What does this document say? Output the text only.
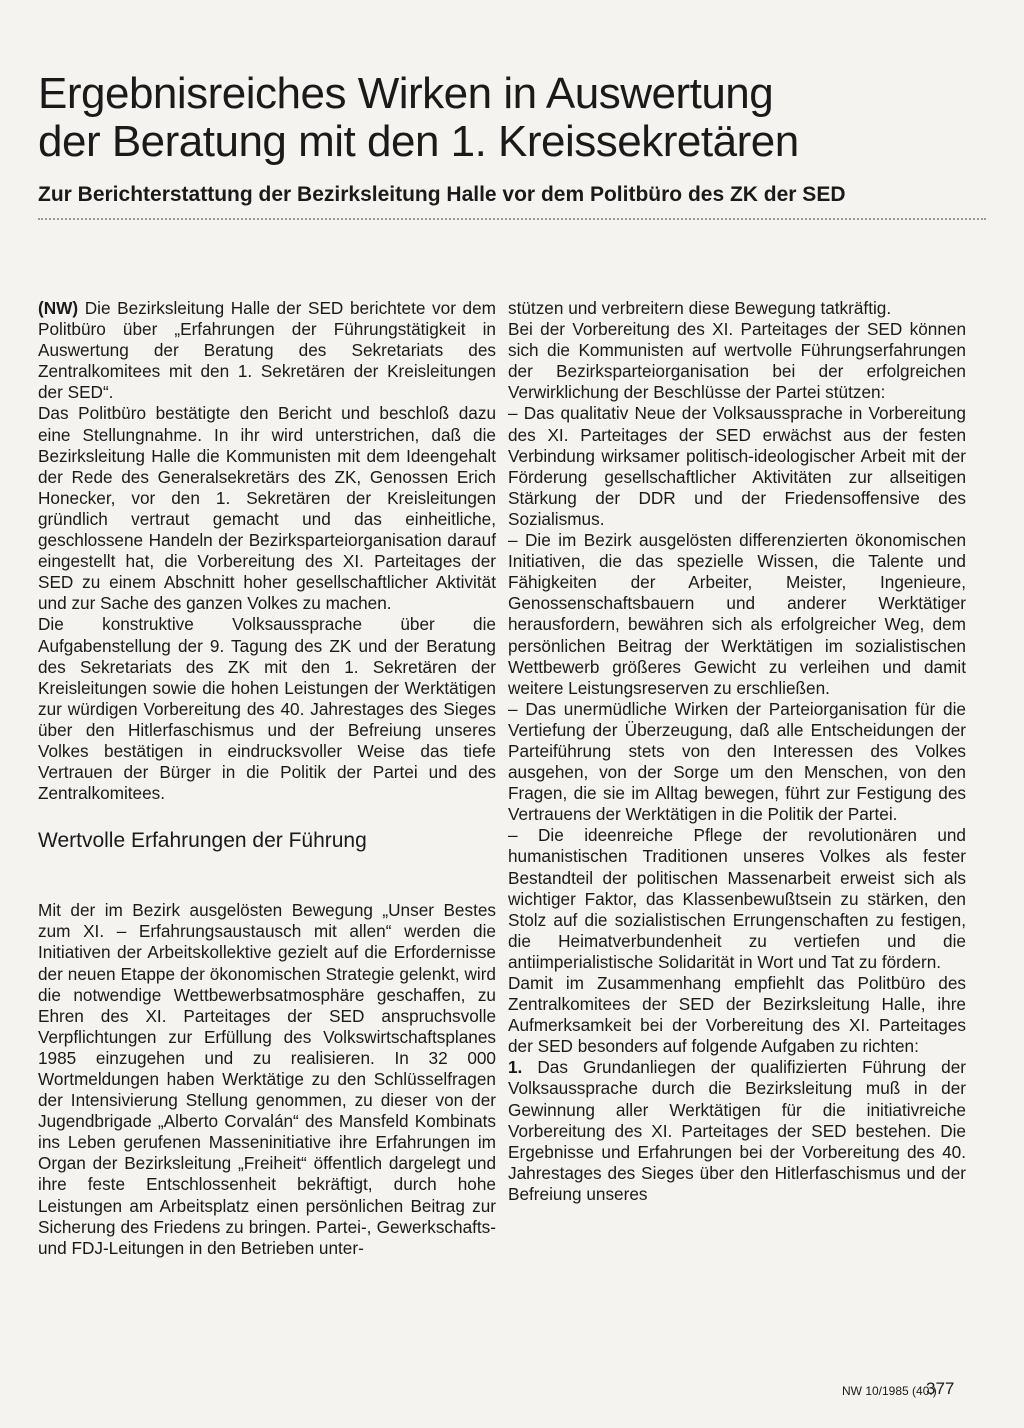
Ergebnisreiches Wirken in Auswertung
der Beratung mit den 1. Kreissekretären
Zur Berichterstattung der Bezirksleitung Halle vor dem Politbüro des ZK der SED

(NW) Die Bezirksleitung Halle der SED berichtete vor dem Politbüro über „Erfahrungen der Führungstätigkeit in Auswertung der Beratung des Sekretariats des Zentralkomitees mit den 1. Sekretären der Kreisleitungen der SED“.

Das Politbüro bestätigte den Bericht und beschloß dazu eine Stellungnahme. In ihr wird unterstrichen, daß die Bezirksleitung Halle die Kommunisten mit dem Ideengehalt der Rede des Generalsekretärs des ZK, Genossen Erich Honecker, vor den 1. Sekretären der Kreisleitungen gründlich vertraut gemacht und das einheitliche, geschlossene Handeln der Bezirksparteiorganisation darauf eingestellt hat, die Vorbereitung des XI. Parteitages der SED zu einem Abschnitt hoher gesellschaftlicher Aktivität und zur Sache des ganzen Volkes zu machen.

Die konstruktive Volksaussprache über die Aufgabenstellung der 9. Tagung des ZK und der Beratung des Sekretariats des ZK mit den 1. Sekretären der Kreisleitungen sowie die hohen Leistungen der Werktätigen zur würdigen Vorbereitung des 40. Jahrestages des Sieges über den Hitlerfaschismus und der Befreiung unseres Volkes bestätigen in eindrucksvoller Weise das tiefe Vertrauen der Bürger in die Politik der Partei und des Zentralkomitees.

Wertvolle Erfahrungen der Führung

Mit der im Bezirk ausgelösten Bewegung „Unser Bestes zum XI. – Erfahrungsaustausch mit allen“ werden die Initiativen der Arbeitskollektive gezielt auf die Erfordernisse der neuen Etappe der ökonomischen Strategie gelenkt, wird die notwendige Wettbewerbsatmosphäre geschaffen, zu Ehren des XI. Parteitages der SED anspruchsvolle Verpflichtungen zur Erfüllung des Volkswirtschaftsplanes 1985 einzugehen und zu realisieren. In 32 000 Wortmeldungen haben Werktätige zu den Schlüsselfragen der Intensivierung Stellung genommen, zu dieser von der Jugendbrigade „Alberto Corvalán“ des Mansfeld Kombinats ins Leben gerufenen Masseninitiative ihre Erfahrungen im Organ der Bezirksleitung „Freiheit“ öffentlich dargelegt und ihre feste Entschlossenheit bekräftigt, durch hohe Leistungen am Arbeitsplatz einen persönlichen Beitrag zur Sicherung des Friedens zu bringen. Partei-, Gewerkschafts- und FDJ-Leitungen in den Betrieben unter-

stützen und verbreitern diese Bewegung tatkräftig.

Bei der Vorbereitung des XI. Parteitages der SED können sich die Kommunisten auf wertvolle Führungserfahrungen der Bezirksparteiorganisation bei der erfolgreichen Verwirklichung der Beschlüsse der Partei stützen:

– Das qualitativ Neue der Volksaussprache in Vorbereitung des XI. Parteitages der SED erwächst aus der festen Verbindung wirksamer politisch-ideologischer Arbeit mit der Förderung gesellschaftlicher Aktivitäten zur allseitigen Stärkung der DDR und der Friedensoffensive des Sozialismus.

– Die im Bezirk ausgelösten differenzierten ökonomischen Initiativen, die das spezielle Wissen, die Talente und Fähigkeiten der Arbeiter, Meister, Ingenieure, Genossenschaftsbauern und anderer Werktätiger herausfordern, bewähren sich als erfolgreicher Weg, dem persönlichen Beitrag der Werktätigen im sozialistischen Wettbewerb größeres Gewicht zu verleihen und damit weitere Leistungsreserven zu erschließen.

– Das unermüdliche Wirken der Parteiorganisation für die Vertiefung der Überzeugung, daß alle Entscheidungen der Parteiführung stets von den Interessen des Volkes ausgehen, von der Sorge um den Menschen, von den Fragen, die sie im Alltag bewegen, führt zur Festigung des Vertrauens der Werktätigen in die Politik der Partei.

– Die ideenreiche Pflege der revolutionären und humanistischen Traditionen unseres Volkes als fester Bestandteil der politischen Massenarbeit erweist sich als wichtiger Faktor, das Klassenbewußtsein zu stärken, den Stolz auf die sozialistischen Errungenschaften zu festigen, die Heimatverbundenheit zu vertiefen und die antiimperialistische Solidarität in Wort und Tat zu fördern.

Damit im Zusammenhang empfiehlt das Politbüro des Zentralkomitees der SED der Bezirksleitung Halle, ihre Aufmerksamkeit bei der Vorbereitung des XI. Parteitages der SED besonders auf folgende Aufgaben zu richten:

1. Das Grundanliegen der qualifizierten Führung der Volksaussprache durch die Bezirksleitung muß in der Gewinnung aller Werktätigen für die initiativreiche Vorbereitung des XI. Parteitages der SED bestehen. Die Ergebnisse und Erfahrungen bei der Vorbereitung des 40. Jahrestages des Sieges über den Hitlerfaschismus und der Befreiung unseres

NW 10/1985 (40.)
377
